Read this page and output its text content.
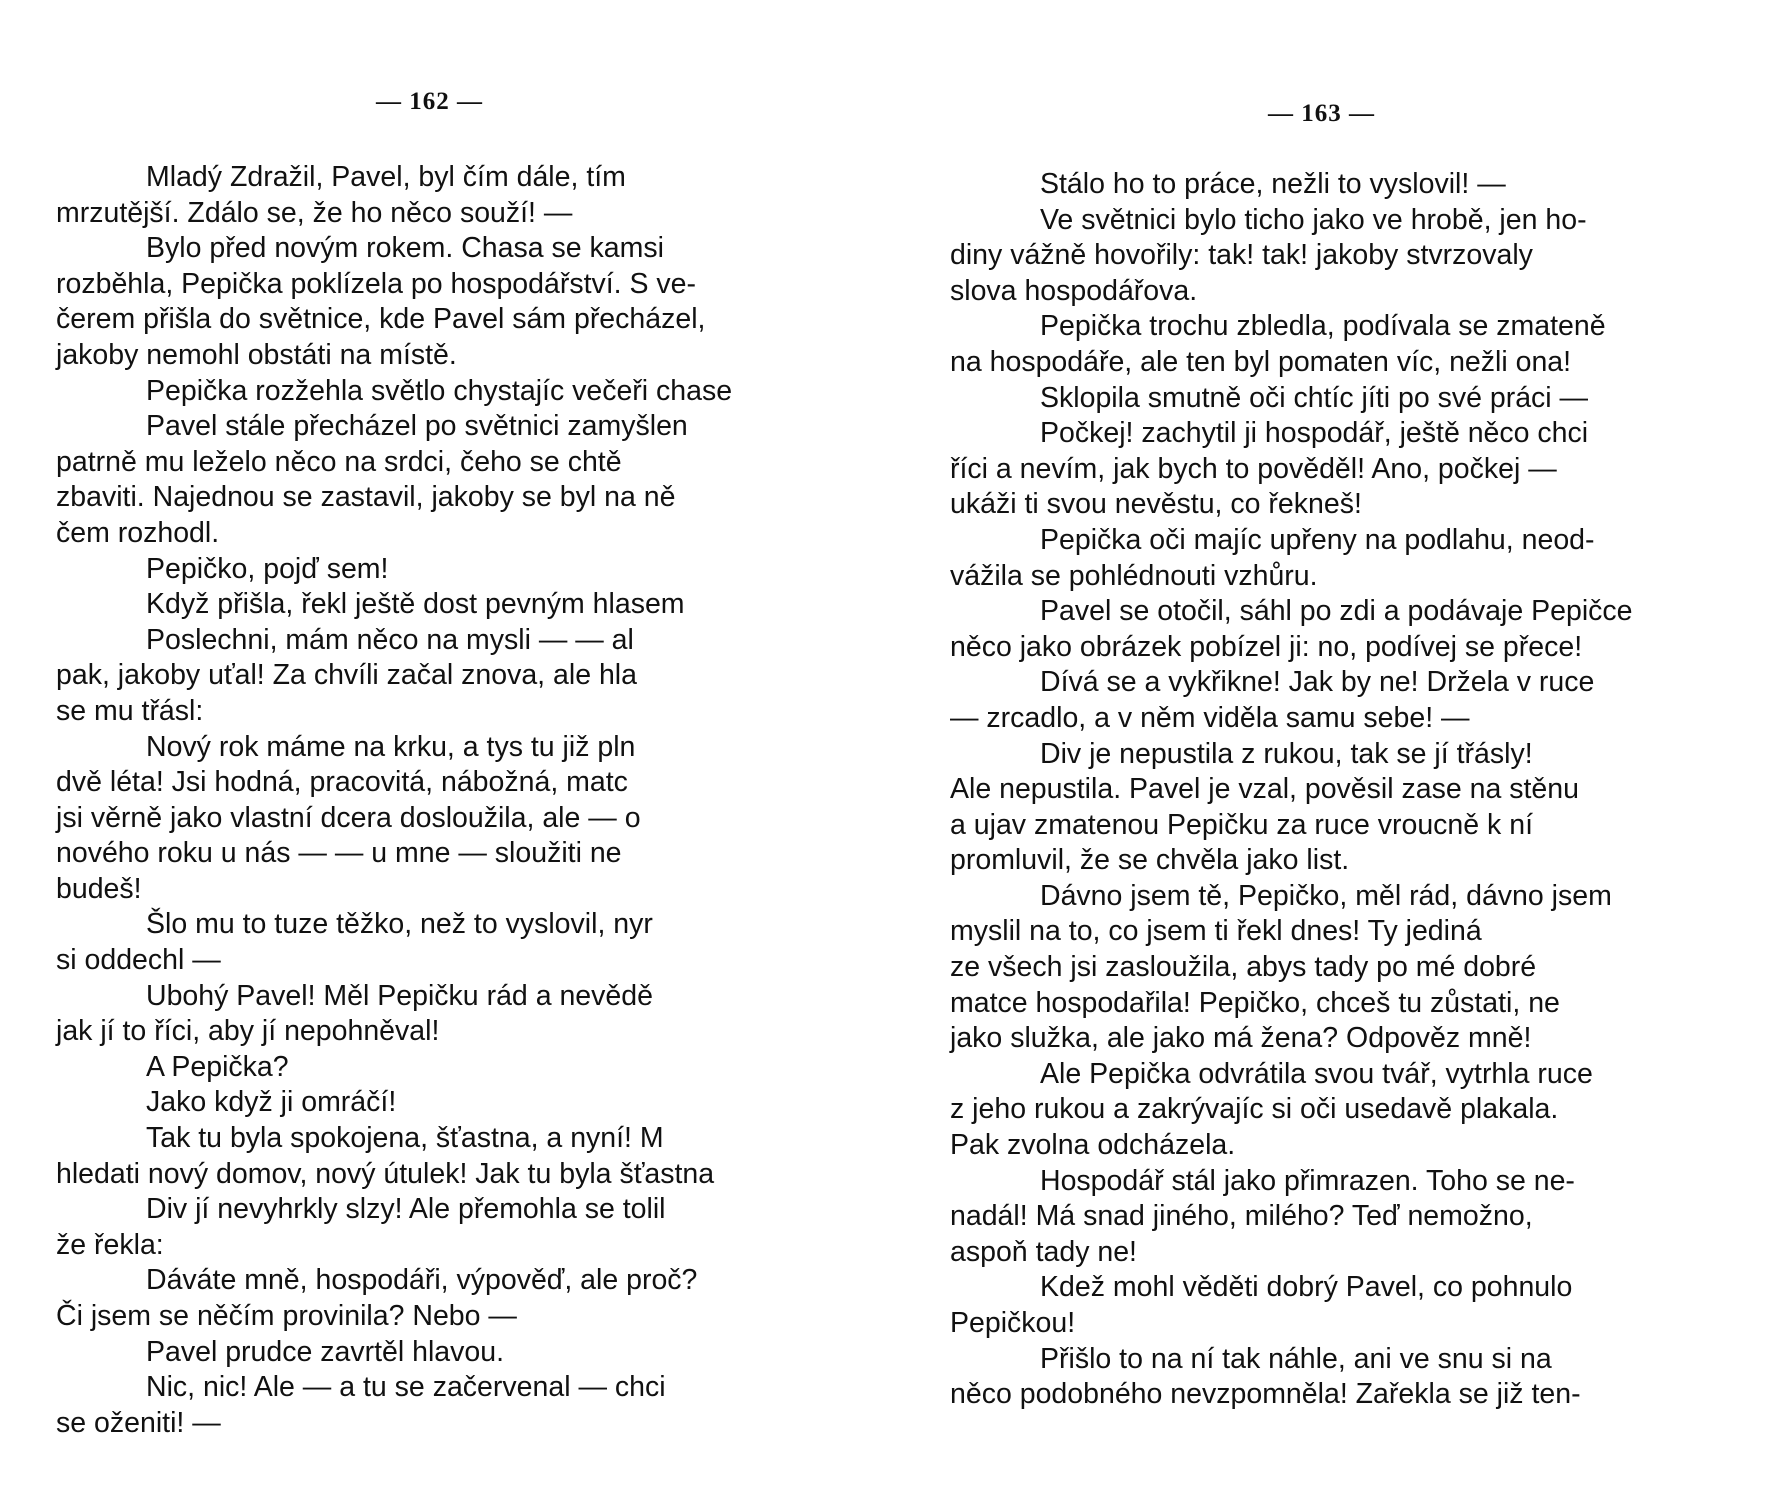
— 162 —
Mladý Zdražil, Pavel, byl čím dále, tím
mrzutější. Zdálo se, že ho něco souží! —
Bylo před novým rokem. Chasa se kamsi
rozběhla, Pepička poklízela po hospodářství. S ve-
čerem přišla do světnice, kde Pavel sám přecházel,
jakoby nemohl obstáti na místě.
Pepička rozžehla světlo chystajíc večeři chase
Pavel stále přecházel po světnici zamyšlen
patrně mu leželo něco na srdci, čeho se chtě
zbaviti. Najednou se zastavil, jakoby se byl na ně
čem rozhodl.
Pepičko, pojď sem!
Když přišla, řekl ještě dost pevným hlasem
Poslechni, mám něco na mysli — — al
pak, jakoby uťal! Za chvíli začal znova, ale hla
se mu třásl:
Nový rok máme na krku, a tys tu již pln
dvě léta! Jsi hodná, pracovitá, nábožná, matc
jsi věrně jako vlastní dcera dosloužila, ale — o
nového roku u nás — — u mne — sloužiti ne
budeš!
Šlo mu to tuze těžko, než to vyslovil, nyr
si oddechl —
Ubohý Pavel! Měl Pepičku rád a nevědě
jak jí to říci, aby jí nepohněval!
A Pepička?
Jako když ji omráčí!
Tak tu byla spokojena, šťastna, a nyní! M
hledati nový domov, nový útulek! Jak tu byla šťastna
Div jí nevyhrkly slzy! Ale přemohla se tolil
že řekla:
Dáváte mně, hospodáři, výpověď, ale proč?
Či jsem se něčím provinila? Nebo —
Pavel prudce zavrtěl hlavou.
Nic, nic! Ale — a tu se začervenal — chci
se oženiti! —
— 163 —
Stálo ho to práce, nežli to vyslovil! —
Ve světnici bylo ticho jako ve hrobě, jen ho-
diny vážně hovořily: tak! tak! jakoby stvrzovaly
slova hospodářova.
Pepička trochu zbledla, podívala se zmateně
na hospodáře, ale ten byl pomaten víc, nežli ona!
Sklopila smutně oči chtíc jíti po své práci —
Počkej! zachytil ji hospodář, ještě něco chci
říci a nevím, jak bych to pověděl! Ano, počkej —
ukáži ti svou nevěstu, co řekneš!
Pepička oči majíc upřeny na podlahu, neod-
vážila se pohlédnouti vzhůru.
Pavel se otočil, sáhl po zdi a podávaje Pepičce
něco jako obrázek pobízel ji: no, podívej se přece!
Dívá se a vykřikne! Jak by ne! Držela v ruce
— zrcadlo, a v něm viděla samu sebe! —
Div je nepustila z rukou, tak se jí třásly!
Ale nepustila. Pavel je vzal, pověsil zase na stěnu
a ujav zmatenou Pepičku za ruce vroucně k ní
promluvil, že se chvěla jako list.
Dávno jsem tě, Pepičko, měl rád, dávno jsem
myslil na to, co jsem ti řekl dnes! Ty jediná
ze všech jsi zasloužila, abys tady po mé dobré
matce hospodařila! Pepičko, chceš tu zůstati, ne
jako služka, ale jako má žena? Odpověz mně!
Ale Pepička odvrátila svou tvář, vytrhla ruce
z jeho rukou a zakrývajíc si oči usedavě plakala.
Pak zvolna odcházela.
Hospodář stál jako přimrazen. Toho se ne-
nadál! Má snad jiného, milého? Teď nemožno,
aspoň tady ne!
Kdež mohl věděti dobrý Pavel, co pohnulo
Pepičkou!
Přišlo to na ní tak náhle, ani ve snu si na
něco podobného nevzpomněla! Zařekla se již ten-
